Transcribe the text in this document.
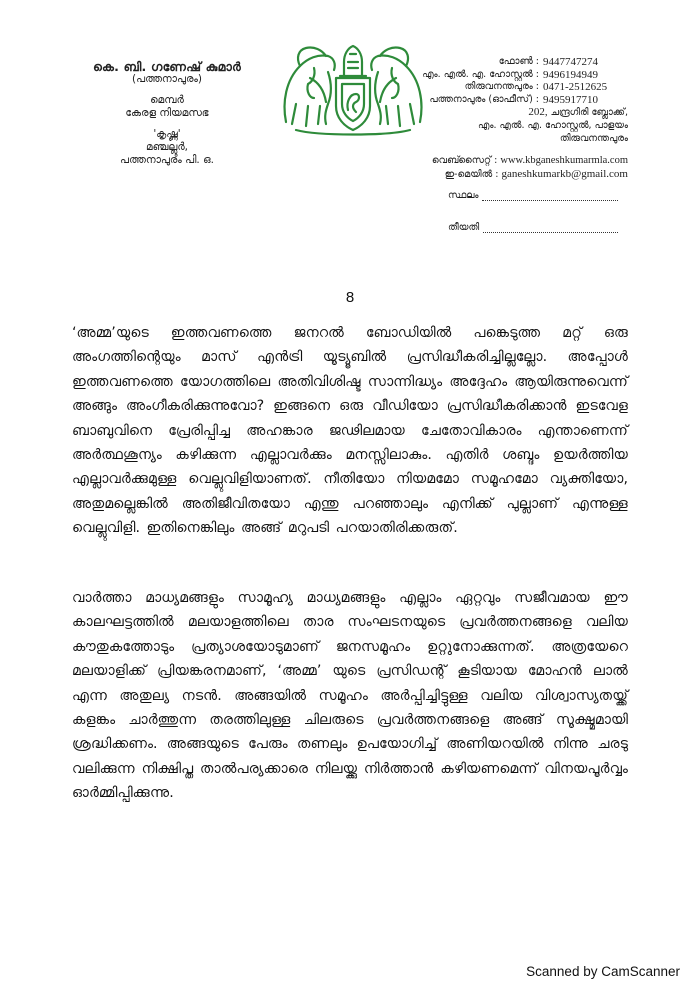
കെ. ബി. ഗണേഷ് കുമാർ
(പത്തനാപുരം)
മെമ്പർ
കേരള നിയമസഭ
'കൃഷ്ണ'
മഞ്ചല്ലൂർ,
പത്തനാപുരം പി. ഒ.
ഫോൺ : 9447747274
എം. എൽ. എ. ഹോസ്റ്റൽ : 9496194949
തിരുവനന്തപുരം : 0471-2512625
പത്തനാപുരം (ഓഫീസ്) : 9495917710
202, ചന്ദ്രഗിരി ബ്ലോക്ക്,
എം. എൽ. എ. ഹോസ്റ്റൽ, പാളയം
തിരുവനന്തപുരം
വെബ്സൈറ്റ് : www.kbganeshkumarmla.com
ഇ-മെയിൽ : ganeshkumarkb@gmail.com
സ്ഥലം
തീയതി
8
‘അമ്മ’യുടെ ഇത്തവണത്തെ ജനറൽ ബോഡിയിൽ പങ്കെടുത്ത മറ്റ് ഒരു അംഗത്തിന്റെയും മാസ് എന്‍ട്രി യൂട്യൂബിൽ പ്രസിദ്ധീകരിച്ചില്ലല്ലോ. അപ്പോൾ ഇത്തവണത്തെ യോഗത്തിലെ അതിവിശിഷ്ട സാന്നിദ്ധ്യം അദ്ദേഹം ആയിരുന്നുവെന്ന് അങ്ങും അംഗീകരിക്കുന്നുവോ? ഇങ്ങനെ ഒരു വീഡിയോ പ്രസിദ്ധീകരിക്കാൻ ഇടവേള ബാബുവിനെ പ്രേരിപ്പിച്ച അഹങ്കാര ജഢിലമായ ചേതോവികാരം എന്താണെന്ന് അർത്ഥശൂന്യം കഴിക്കുന്ന എല്ലാവർക്കും മനസ്സിലാകും. എതിർ ശബ്ദം ഉയർത്തിയ എല്ലാവർക്കുമുള്ള വെല്ലുവിളിയാണത്. നീതിയോ നിയമമോ സമൂഹമോ വ്യക്തിയോ, അതുമല്ലെങ്കിൽ അതിജീവിതയോ എന്തു പറഞ്ഞാലും എനിക്ക് പുല്ലാണ് എന്നുള്ള വെല്ലുവിളി. ഇതിനെങ്കിലും അങ്ങ് മറുപടി പറയാതിരിക്കരുത്.
വാർത്താ മാധ്യമങ്ങളും സാമൂഹ്യ മാധ്യമങ്ങളും എല്ലാം ഏറ്റവും സജീവമായ ഈ കാലഘട്ടത്തിൽ മലയാളത്തിലെ താര സംഘടനയുടെ പ്രവർത്തനങ്ങളെ വലിയ കൗതുകത്തോടും പ്രത്യാശയോടുമാണ് ജനസമൂഹം ഉറ്റുനോക്കുന്നത്. അത്രയേറെ മലയാളിക്ക് പ്രിയങ്കരനമാണ്, ‘അമ്മ’ യുടെ പ്രസിഡന്റ് കൂടിയായ മോഹൻ ലാൽ എന്ന അതുല്യ നടൻ. അങ്ങയിൽ സമൂഹം അർപ്പിച്ചിട്ടുള്ള വലിയ വിശ്വാസ്യതയ്ക്ക് കളങ്കം ചാർത്തുന്ന തരത്തിലുള്ള ചിലരുടെ പ്രവർത്തനങ്ങളെ അങ്ങ് സൂക്ഷ്മമായി ശ്രദ്ധിക്കണം. അങ്ങയുടെ പേരും തണലും ഉപയോഗിച്ച് അണിയറയിൽ നിന്നു ചരടു വലിക്കുന്ന നിക്ഷിപ്ത താൽപര്യക്കാരെ നിലയ്ക്കു നിർത്താൻ കഴിയണമെന്ന് വിനയപൂർവ്വം ഓർമ്മിപ്പിക്കുന്നു.
Scanned by CamScanner
